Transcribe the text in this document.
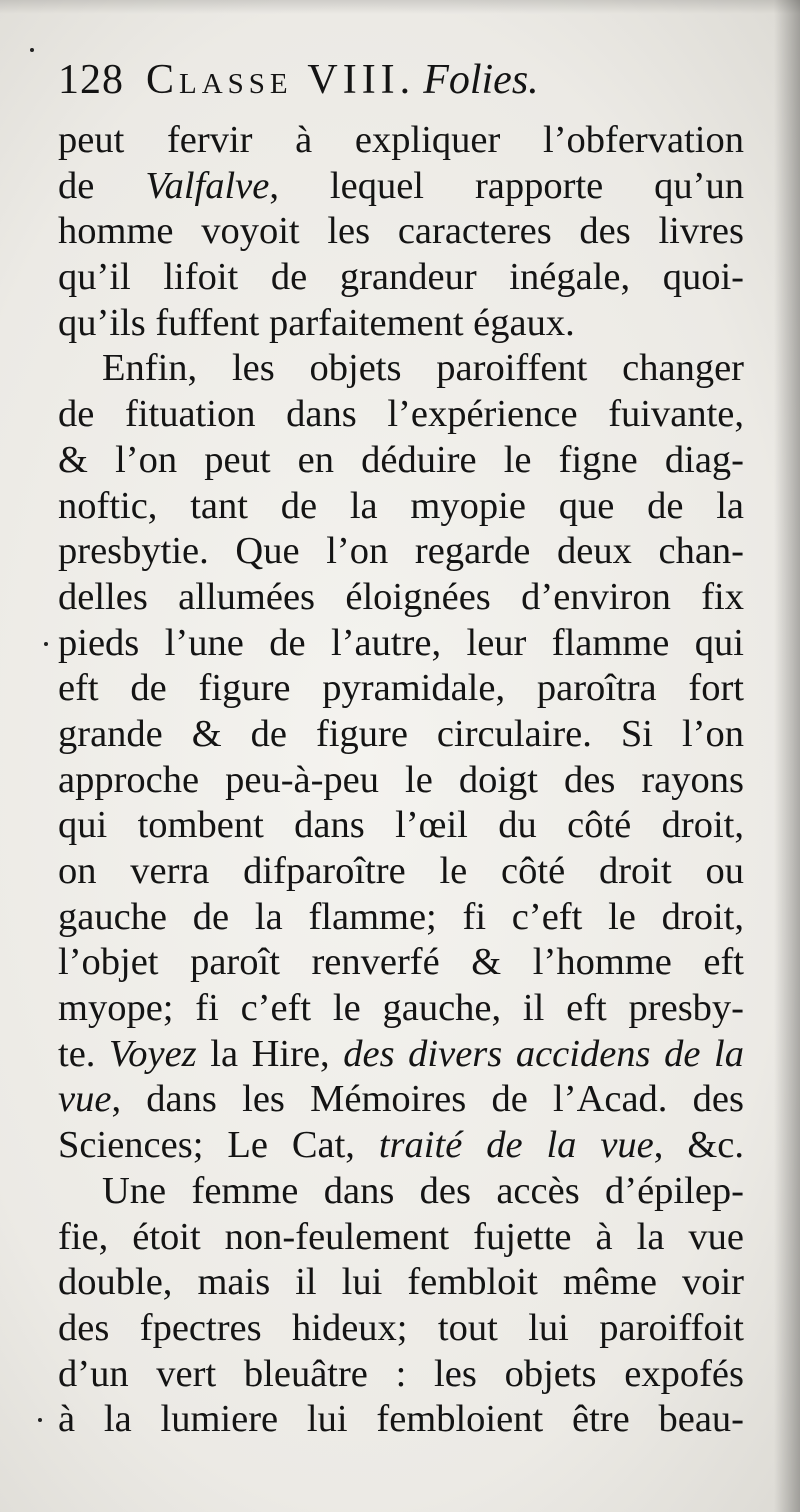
128 Classe VIII. Folies.
peut fervir à expliquer l’obfervation
de Valfalve, lequel rapporte qu’un
homme voyoit les caracteres des livres
qu’il lifoit de grandeur inégale, quoi-
qu’ils fuffent parfaitement égaux.
Enfin, les objets paroiffent changer
de fituation dans l’expérience fuivante,
& l’on peut en déduire le figne diag-
noftic, tant de la myopie que de la
presbytie. Que l’on regarde deux chan-
delles allumées éloignées d’environ fix
pieds l’une de l’autre, leur flamme qui
eft de figure pyramidale, paroîtra fort
grande & de figure circulaire. Si l’on
approche peu-à-peu le doigt des rayons
qui tombent dans l’œil du côté droit,
on verra difparoître le côté droit ou
gauche de la flamme; fi c’eft le droit,
l’objet paroît renverfé & l’homme eft
myope; fi c’eft le gauche, il eft presby-
te. Voyez la Hire, des divers accidens de la
vue, dans les Mémoires de l’Acad. des
Sciences; Le Cat, traité de la vue, &c.
Une femme dans des accès d’épilep-
fie, étoit non-feulement fujette à la vue
double, mais il lui fembloit même voir
des fpectres hideux; tout lui paroiffoit
d’un vert bleuâtre : les objets expofés
à la lumiere lui fembloient être beau-
